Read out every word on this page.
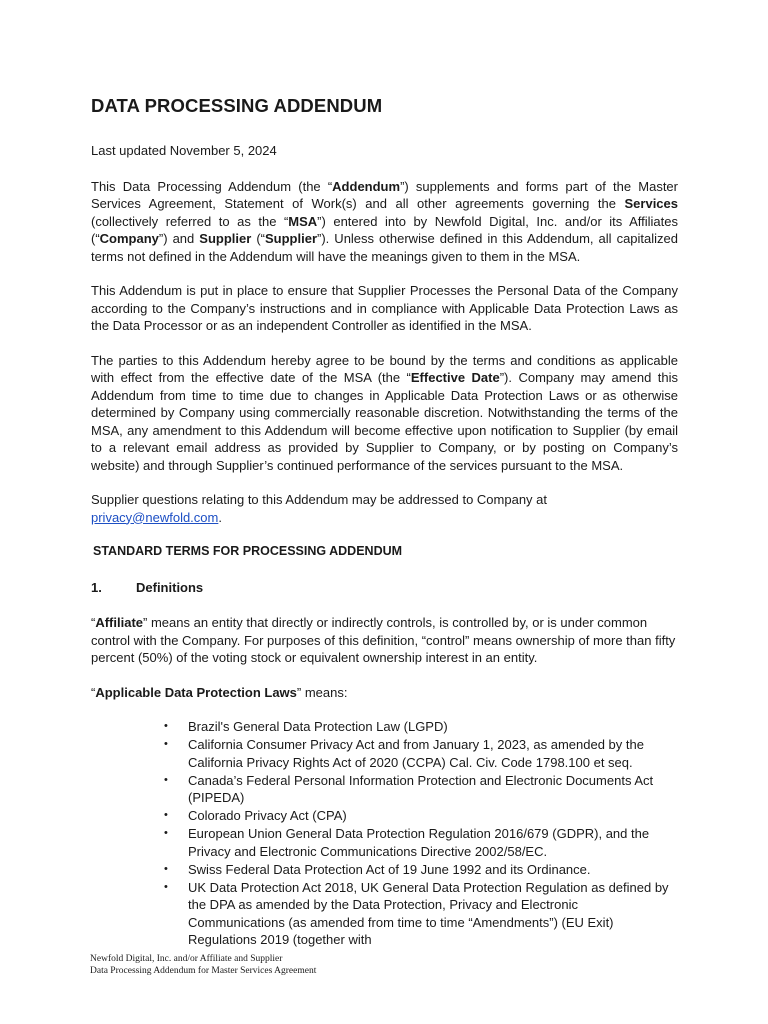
DATA PROCESSING ADDENDUM

Last updated November 5, 2024

This Data Processing Addendum (the “Addendum”) supplements and forms part of the Master Services Agreement, Statement of Work(s) and all other agreements governing the Services (collectively referred to as the “MSA”) entered into by Newfold Digital, Inc. and/or its Affiliates (“Company”) and Supplier (“Supplier”). Unless otherwise defined in this Addendum, all capitalized terms not defined in the Addendum will have the meanings given to them in the MSA.

This Addendum is put in place to ensure that Supplier Processes the Personal Data of the Company according to the Company’s instructions and in compliance with Applicable Data Protection Laws as the Data Processor or as an independent Controller as identified in the MSA.

The parties to this Addendum hereby agree to be bound by the terms and conditions as applicable with effect from the effective date of the MSA (the “Effective Date”). Company may amend this Addendum from time to time due to changes in Applicable Data Protection Laws or as otherwise determined by Company using commercially reasonable discretion. Notwithstanding the terms of the MSA, any amendment to this Addendum will become effective upon notification to Supplier (by email to a relevant email address as provided by Supplier to Company, or by posting on Company’s website) and through Supplier’s continued performance of the services pursuant to the MSA.

Supplier questions relating to this Addendum may be addressed to Company at privacy@newfold.com.

STANDARD TERMS FOR PROCESSING ADDENDUM
1.	Definitions

“Affiliate” means an entity that directly or indirectly controls, is controlled by, or is under common control with the Company. For purposes of this definition, “control” means ownership of more than fifty percent (50%) of the voting stock or equivalent ownership interest in an entity.

“Applicable Data Protection Laws” means:

• Brazil's General Data Protection Law (LGPD)
• California Consumer Privacy Act and from January 1, 2023, as amended by the California Privacy Rights Act of 2020 (CCPA) Cal. Civ. Code 1798.100 et seq.
• Canada’s Federal Personal Information Protection and Electronic Documents Act (PIPEDA)
• Colorado Privacy Act (CPA)
• European Union General Data Protection Regulation 2016/679 (GDPR), and the Privacy and Electronic Communications Directive 2002/58/EC.
• Swiss Federal Data Protection Act of 19 June 1992 and its Ordinance.
• UK Data Protection Act 2018, UK General Data Protection Regulation as defined by the DPA as amended by the Data Protection, Privacy and Electronic Communications (as amended from time to time “Amendments”) (EU Exit) Regulations 2019 (together with
Newfold Digital, Inc. and/or Affiliate and Supplier
Data Processing Addendum for Master Services Agreement
